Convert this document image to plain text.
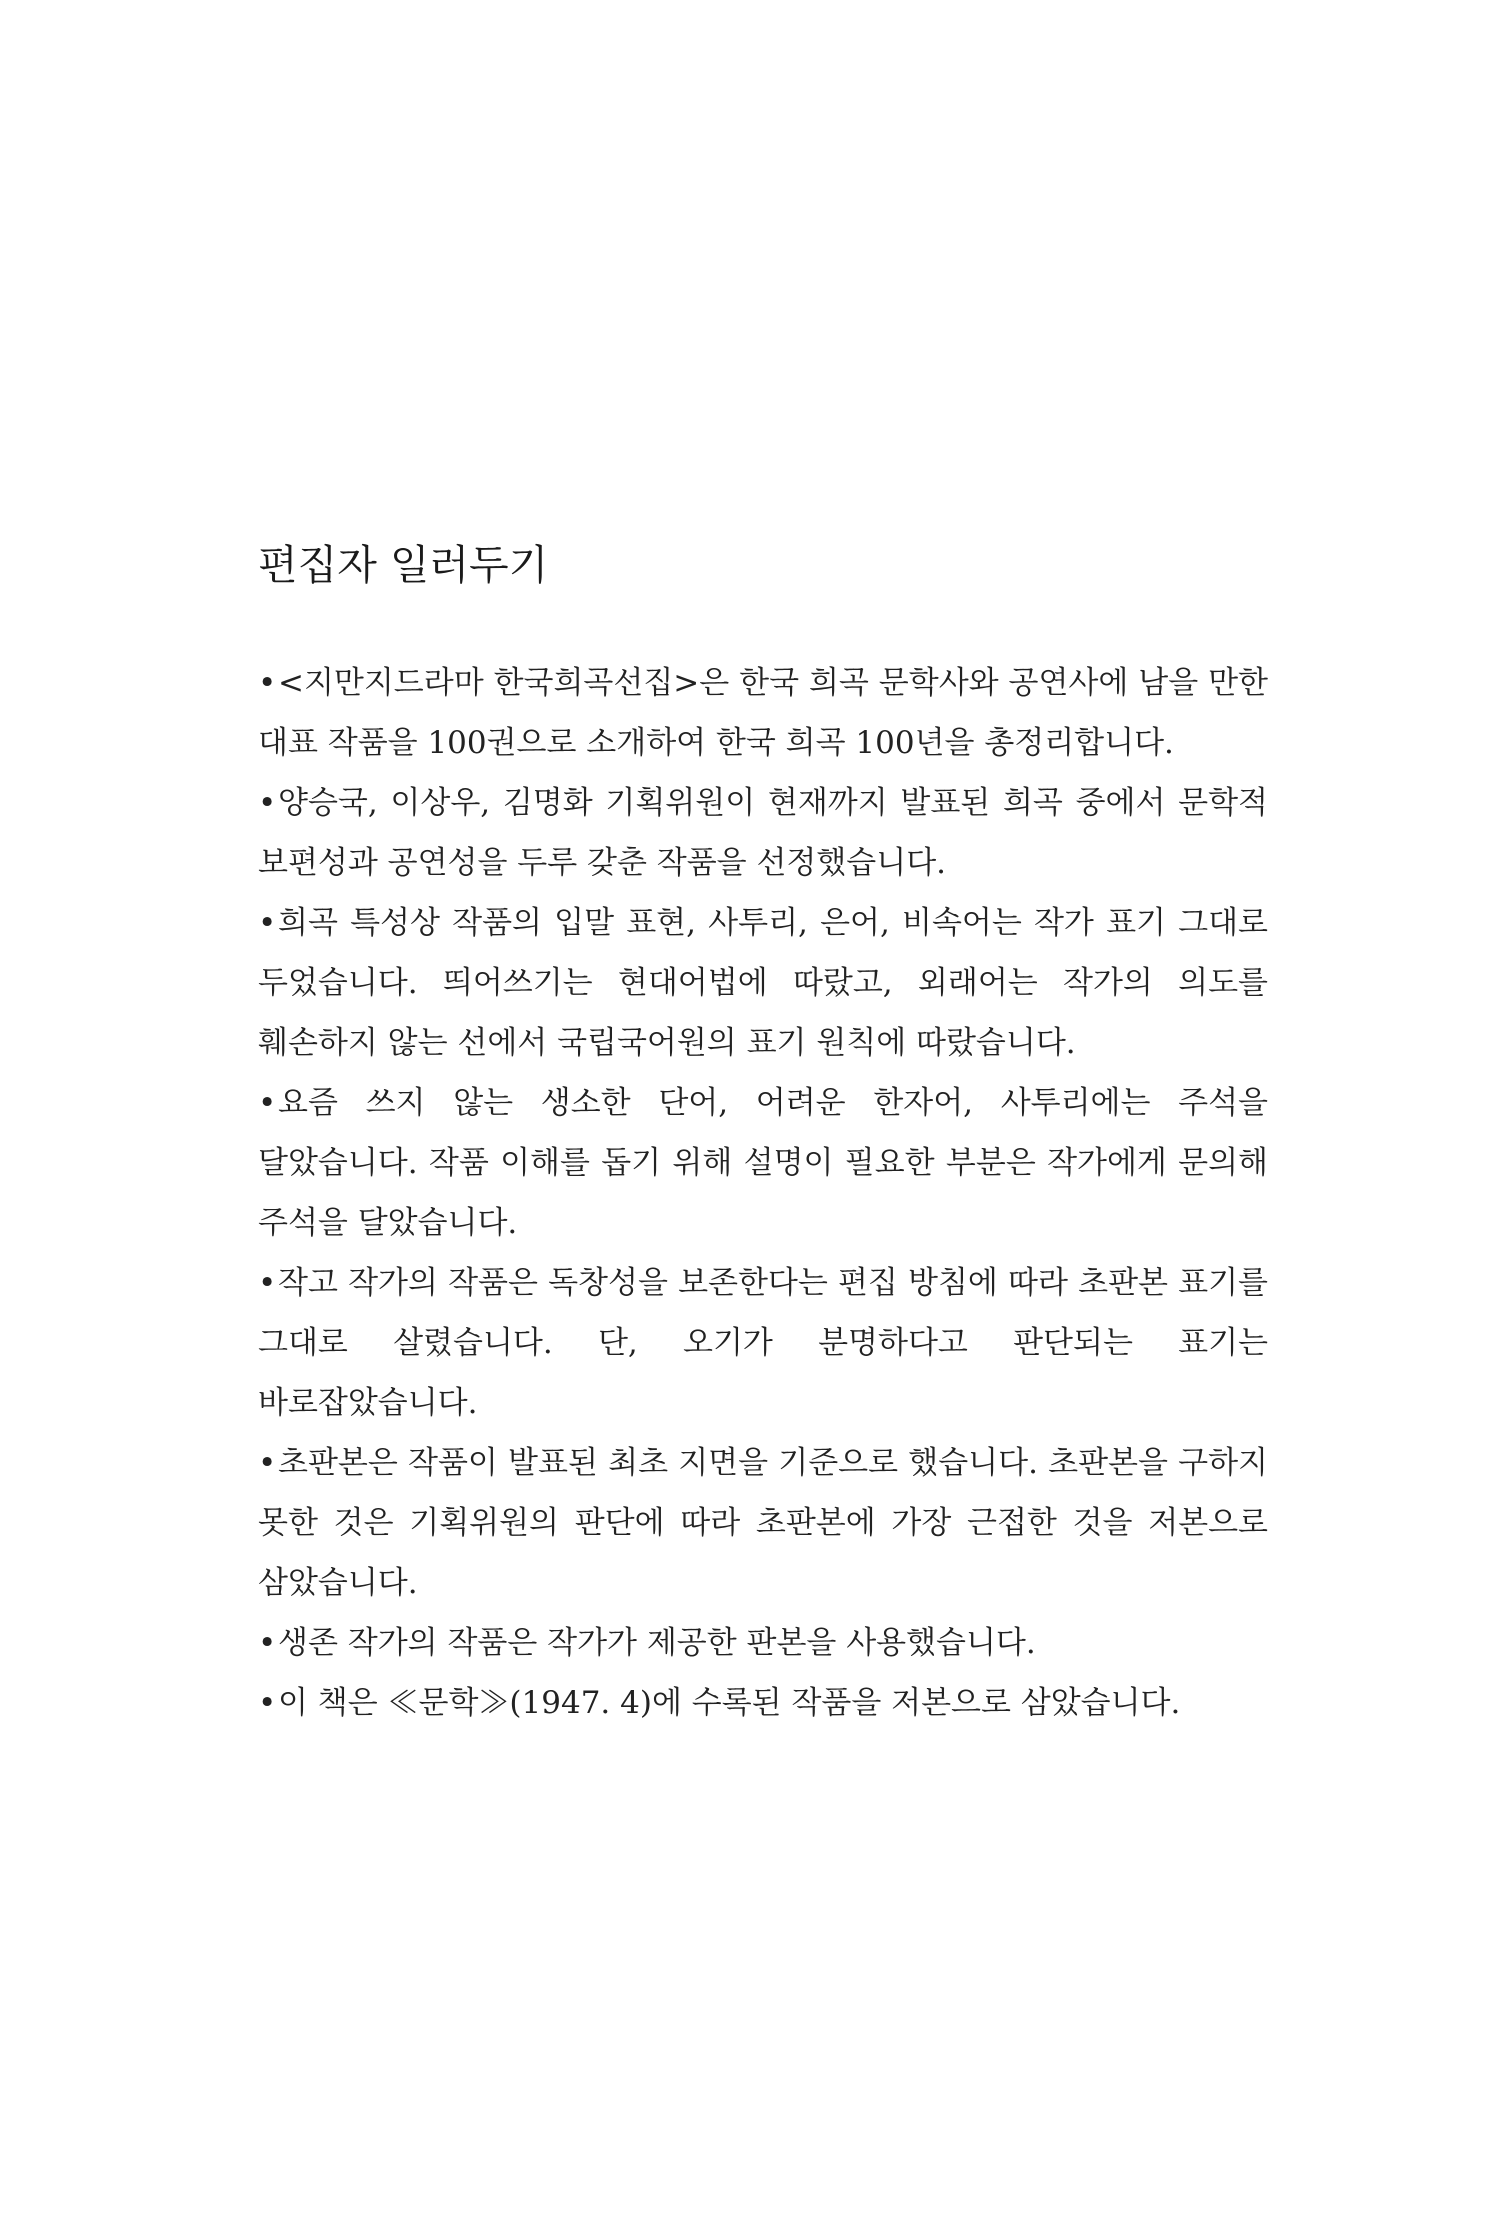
편집자 일러두기
•<지만지드라마 한국희곡선집>은 한국 희곡 문학사와 공연사에 남을 만한 대표 작품을 100권으로 소개하여 한국 희곡 100년을 총정리합니다.
•양승국, 이상우, 김명화 기획위원이 현재까지 발표된 희곡 중에서 문학적 보편성과 공연성을 두루 갖춘 작품을 선정했습니다.
•희곡 특성상 작품의 입말 표현, 사투리, 은어, 비속어는 작가 표기 그대로 두었습니다. 띄어쓰기는 현대어법에 따랐고, 외래어는 작가의 의도를 훼손하지 않는 선에서 국립국어원의 표기 원칙에 따랐습니다.
•요즘 쓰지 않는 생소한 단어, 어려운 한자어, 사투리에는 주석을 달았습니다. 작품 이해를 돕기 위해 설명이 필요한 부분은 작가에게 문의해 주석을 달았습니다.
•작고 작가의 작품은 독창성을 보존한다는 편집 방침에 따라 초판본 표기를 그대로 살렸습니다. 단, 오기가 분명하다고 판단되는 표기는 바로잡았습니다.
•초판본은 작품이 발표된 최초 지면을 기준으로 했습니다. 초판본을 구하지 못한 것은 기획위원의 판단에 따라 초판본에 가장 근접한 것을 저본으로 삼았습니다.
•생존 작가의 작품은 작가가 제공한 판본을 사용했습니다.
•이 책은 ≪문학≫(1947. 4)에 수록된 작품을 저본으로 삼았습니다.
